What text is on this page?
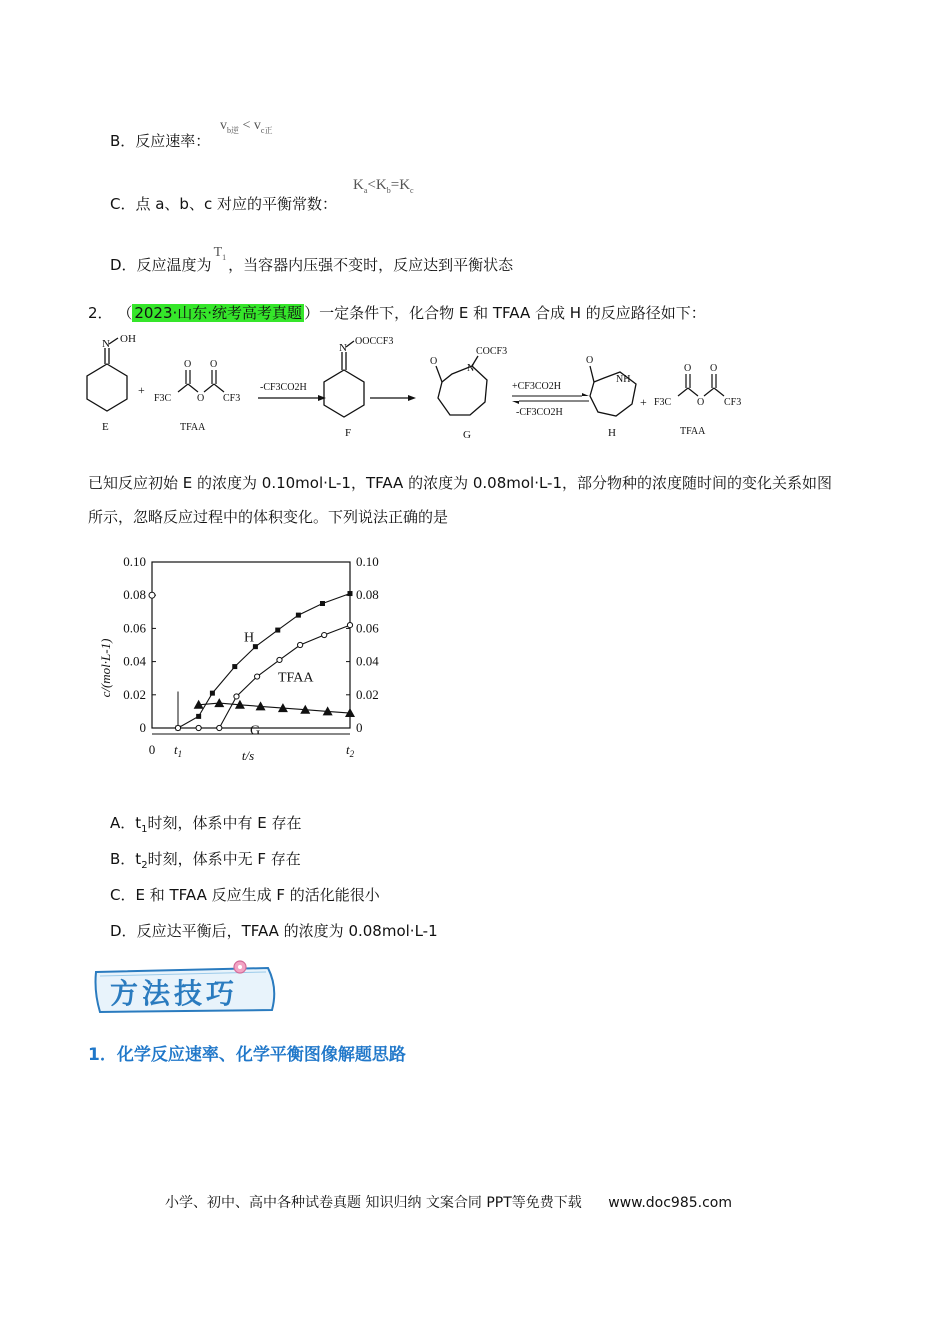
B．反应速率：
$v_{b逆} < v_{c正}$
C．点 a、b、c 对应的平衡常数：
$K_a<K_b=K_c$
D．反应温度为$T_1$ ，当容器内压强不变时，反应达到平衡状态
2． （ 2023·山东·统考高考真题 ）一定条件下，化合物 E 和 TFAA 合成 H 的反应路径如下：
N OH
E
+
O O
O
F3C	CF3
TFAA
-CF3CO2H
N
OOCCF3
F
O
N
COCF3
G
+CF3CO2H
-CF3CO2H
O
NH
H
+
O O
O
F3C	CF3
TFAA
已知反应初始 E 的浓度为 0.10mol·L-1，TFAA 的浓度为 0.08mol·L-1，部分物种的浓度随时间的变化关系如图
所示，忽略反应过程中的体积变化。下列说法正确的是
c/(mol·L-1)
t/s
0	0
0.02	0.02
0.04	0.04
0.06	0.06
0.08	0.08
0.10	0.10
0 $t_1$	$t_2$
H
TFAA
G
A．$t_1$时刻，体系中有 E 存在
B．$t_2$时刻，体系中无 F 存在
C．E 和 TFAA 反应生成 F 的活化能很小
D．反应达平衡后，TFAA 的浓度为 0.08mol·L-1
方法技巧
1．化学反应速率、化学平衡图像解题思路
小学、初中、高中各种试卷真题 知识归纳 文案合同 PPT等免费下载 www.doc985.com
